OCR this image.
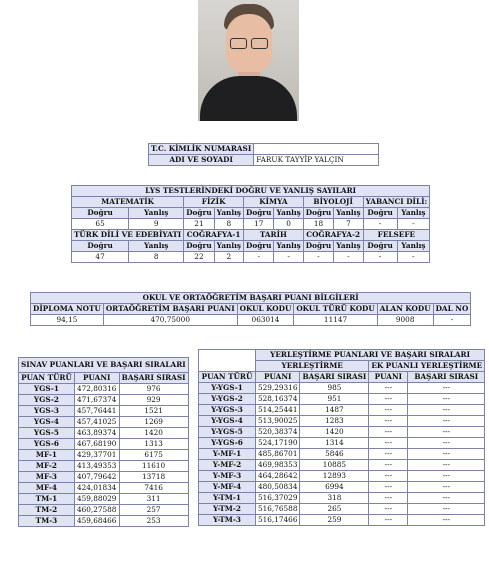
T.C. KİMLİK NUMARASI	
ADI VE SOYADI	FARUK TAYYİP YALÇIN
LYS TESTLERİNDEKİ DOĞRU VE YANLIŞ SAYILARI									
MATEMATİK		FİZİK		KİMYA		BİYOLOJİ		YABANCI DİLİ:	
Doğru	Yanlış	Doğru	Yanlış	Doğru	Yanlış	Doğru	Yanlış	Doğru	Yanlış
65	9	21	8	17	0	18	7	-	-
TÜRK DİLİ VE EDEBİYATI		COĞRAFYA-1		TARİH		COĞRAFYA-2		FELSEFE	
Doğru	Yanlış	Doğru	Yanlış	Doğru	Yanlış	Doğru	Yanlış	Doğru	Yanlış
47	8	22	2	-	-	-	-	-	-
OKUL VE ORTAÖĞRETİM BAŞARI PUANI BİLGİLERİ					
DİPLOMA NOTU	ORTAÖĞRETİM BAŞARI PUANI	OKUL KODU	OKUL TÜRÜ KODU	ALAN KODU	DAL NO
94,15	470,75000	063014	11147	9008	-
SINAV PUANLARI VE BAŞARI SIRALARI		
PUAN TÜRÜ	PUANI	BAŞARI SIRASI
YGS-1	472,80316	976
YGS-2	471,67374	929
YGS-3	457,76441	1521
YGS-4	457,41025	1269
YGS-5	463,89374	1420
YGS-6	467,68190	1313
MF-1	429,37701	6175
MF-2	413,49353	11610
MF-3	407,79642	13718
MF-4	424,01834	7416
TM-1	459,88029	311
TM-2	460,27588	257
TM-3	459,68466	253
	YERLEŞTİRME PUANLARI VE BAŞARI SIRALARI			
	YERLEŞTİRME		EK PUANLI YERLEŞTİRME	
PUAN TÜRÜ	PUANI	BAŞARI SIRASI	PUANI	BAŞARI SIRASI
Y-YGS-1	529,29316	985	---	---
Y-YGS-2	528,16374	951	---	---
Y-YGS-3	514,25441	1487	---	---
Y-YGS-4	513,90025	1283	---	---
Y-YGS-5	520,38374	1420	---	---
Y-YGS-6	524,17190	1314	---	---
Y-MF-1	485,86701	5846	---	---
Y-MF-2	469,98353	10885	---	---
Y-MF-3	464,28642	12893	---	---
Y-MF-4	480,50834	6994	---	---
Y-TM-1	516,37029	318	---	---
Y-TM-2	516,76588	265	---	---
Y-TM-3	516,17466	259	---	---
